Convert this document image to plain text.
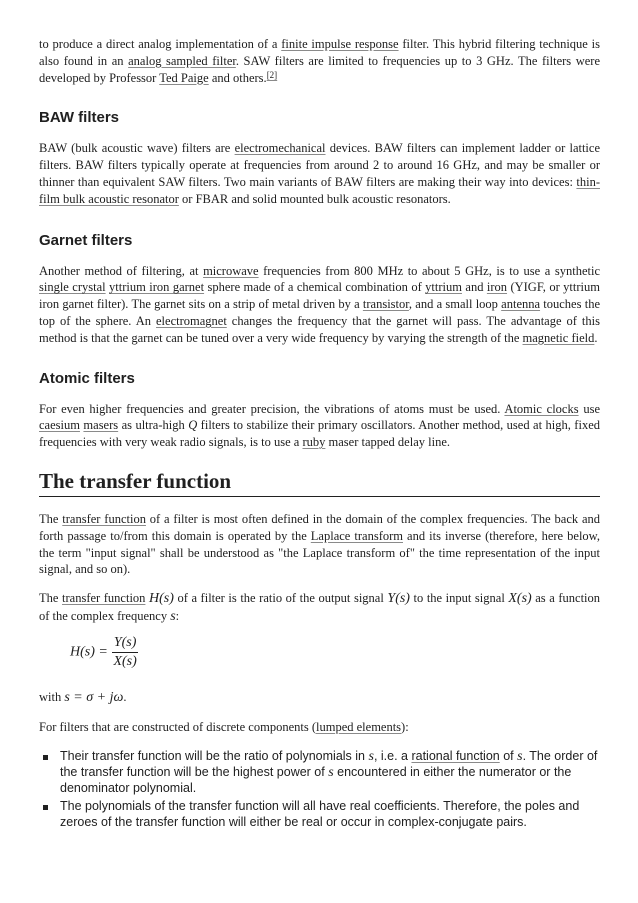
to produce a direct analog implementation of a finite impulse response filter. This hybrid filtering technique is also found in an analog sampled filter. SAW filters are limited to frequencies up to 3 GHz. The filters were developed by Professor Ted Paige and others.[2]

BAW filters

BAW (bulk acoustic wave) filters are electromechanical devices. BAW filters can implement ladder or lattice filters. BAW filters typically operate at frequencies from around 2 to around 16 GHz, and may be smaller or thinner than equivalent SAW filters. Two main variants of BAW filters are making their way into devices: thin-film bulk acoustic resonator or FBAR and solid mounted bulk acoustic resonators.

Garnet filters

Another method of filtering, at microwave frequencies from 800 MHz to about 5 GHz, is to use a synthetic single crystal yttrium iron garnet sphere made of a chemical combination of yttrium and iron (YIGF, or yttrium iron garnet filter). The garnet sits on a strip of metal driven by a transistor, and a small loop antenna touches the top of the sphere. An electromagnet changes the frequency that the garnet will pass. The advantage of this method is that the garnet can be tuned over a very wide frequency by varying the strength of the magnetic field.

Atomic filters

For even higher frequencies and greater precision, the vibrations of atoms must be used. Atomic clocks use caesium masers as ultra-high Q filters to stabilize their primary oscillators. Another method, used at high, fixed frequencies with very weak radio signals, is to use a ruby maser tapped delay line.

The transfer function

The transfer function of a filter is most often defined in the domain of the complex frequencies. The back and forth passage to/from this domain is operated by the Laplace transform and its inverse (therefore, here below, the term "input signal" shall be understood as "the Laplace transform of" the time representation of the input signal, and so on).

The transfer function H(s) of a filter is the ratio of the output signal Y(s) to the input signal X(s) as a function of the complex frequency s:

$H(s) = \frac{Y(s)}{X(s)}$

with s = σ + jω.

For filters that are constructed of discrete components (lumped elements):

Their transfer function will be the ratio of polynomials in s, i.e. a rational function of s. The order of the transfer function will be the highest power of s encountered in either the numerator or the denominator polynomial.
The polynomials of the transfer function will all have real coefficients. Therefore, the poles and zeroes of the transfer function will either be real or occur in complex-conjugate pairs.
